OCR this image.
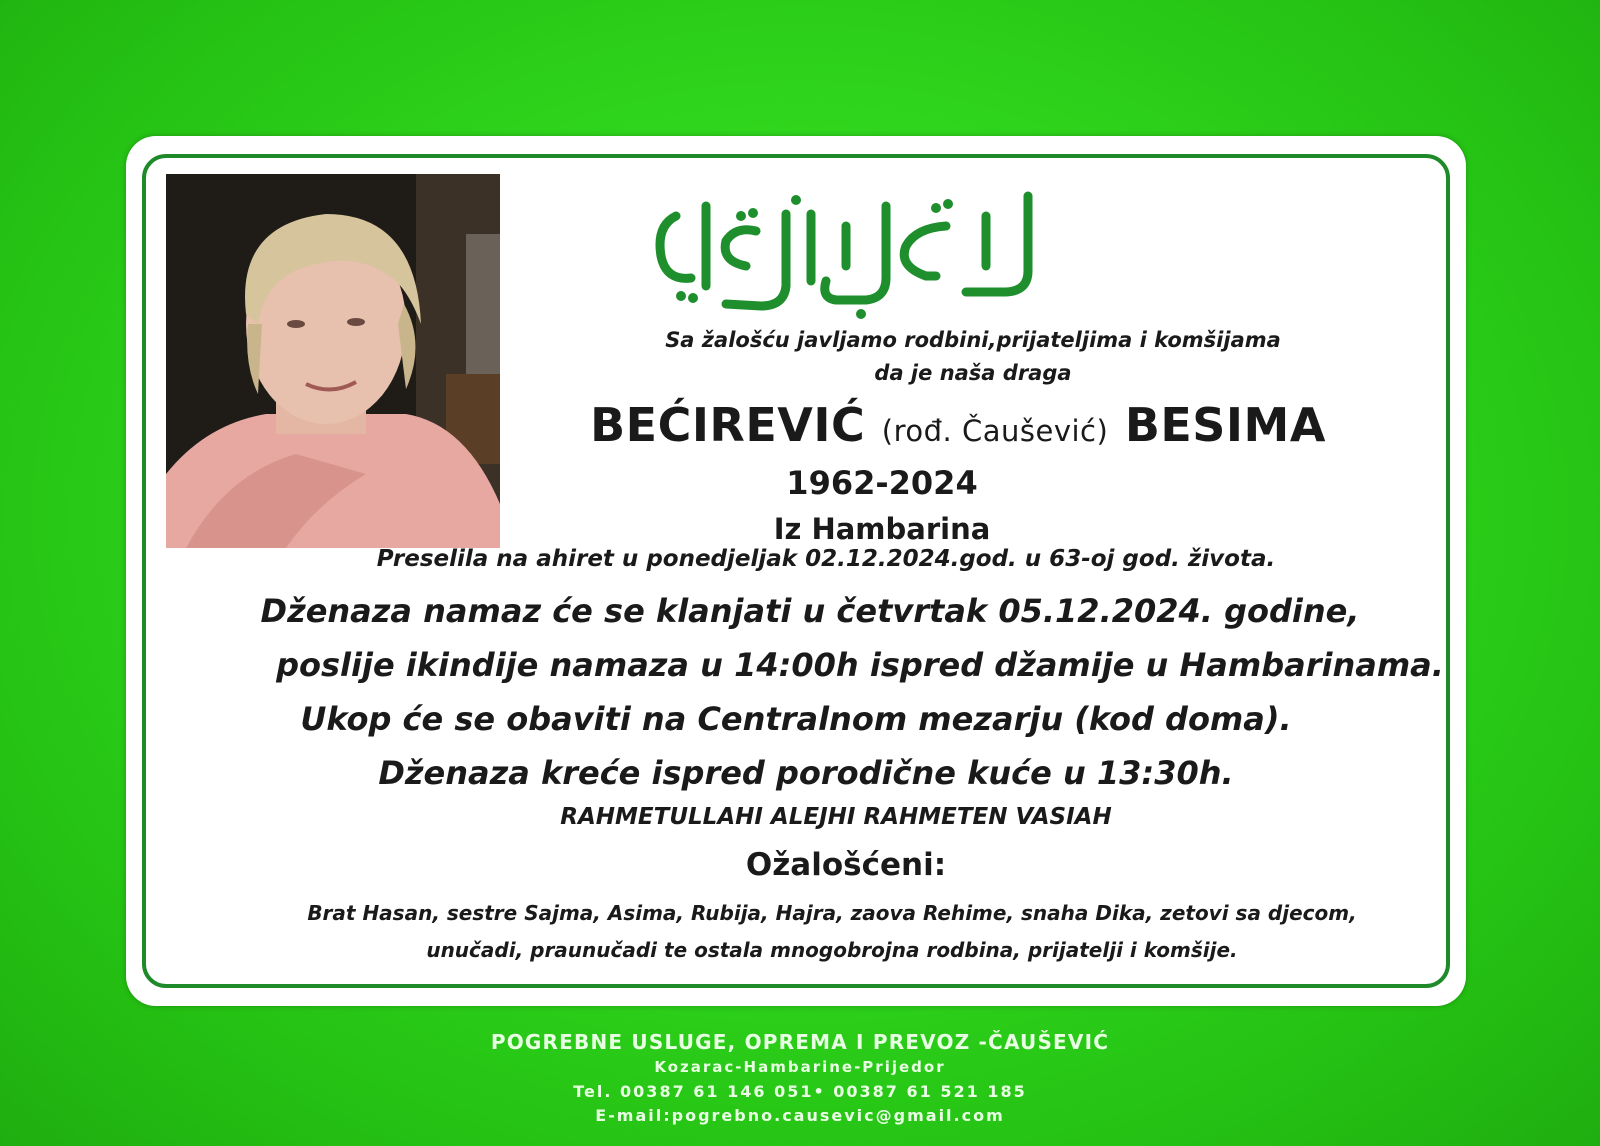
Sa žalošću javljamo rodbini,prijateljima i komšijama
da je naša draga
BEĆIREVIĆ (rođ. Čaušević) BESIMA
1962-2024
Iz Hambarina
Preselila na ahiret u ponedjeljak 02.12.2024.god. u 63-oj god. života.
Dženaza namaz će se klanjati u četvrtak 05.12.2024. godine,
poslije ikindije namaza u 14:00h ispred džamije u Hambarinama.
Ukop će se obaviti na Centralnom mezarju (kod doma).
Dženaza kreće ispred porodične kuće u 13:30h.
RAHMETULLAHI ALEJHI RAHMETEN VASIAH
Ožalošćeni:
Brat Hasan, sestre Sajma, Asima, Rubija, Hajra, zaova Rehime, snaha Dika, zetovi sa djecom,
unučadi, praunučadi te ostala mnogobrojna rodbina, prijatelji i komšije.
POGREBNE USLUGE, OPREMA I PREVOZ -ČAUŠEVIĆ
Kozarac-Hambarine-Prijedor
Tel. 00387 61 146 051• 00387 61 521 185
E-mail:pogrebno.causevic@gmail.com
